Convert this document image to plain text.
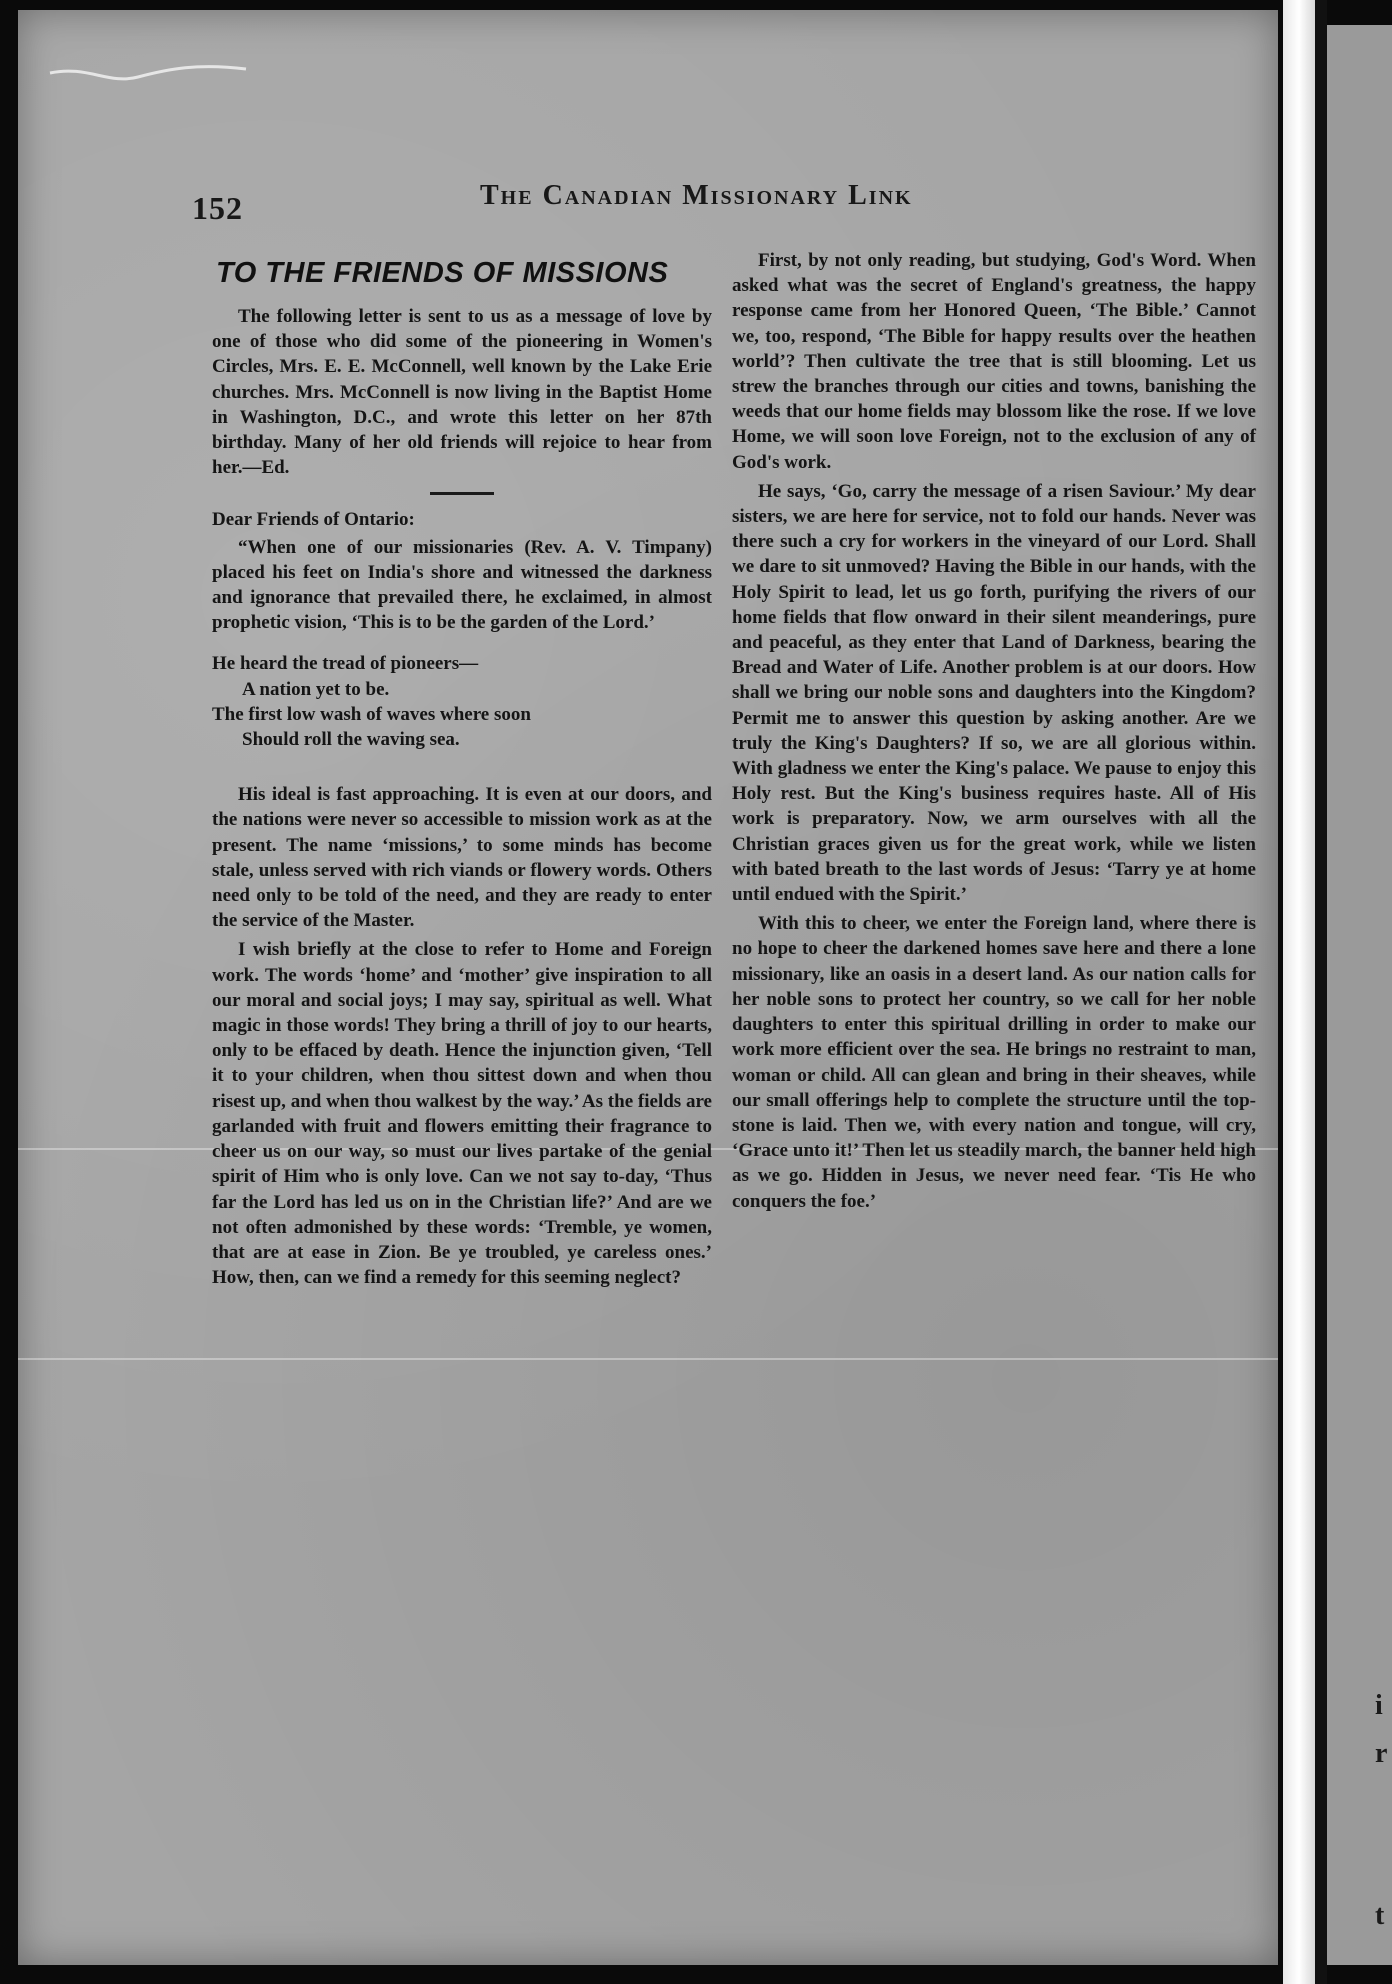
152	The Canadian Missionary Link
TO THE FRIENDS OF MISSIONS

The following letter is sent to us as a message of love by one of those who did some of the pioneering in Women's Circles, Mrs. E. E. McConnell, well known by the Lake Erie churches. Mrs. McConnell is now living in the Baptist Home in Washington, D.C., and wrote this letter on her 87th birthday. Many of her old friends will rejoice to hear from her.—Ed.

Dear Friends of Ontario:

“When one of our missionaries (Rev. A. V. Timpany) placed his feet on India's shore and witnessed the darkness and ignorance that prevailed there, he exclaimed, in almost prophetic vision, ‘This is to be the garden of the Lord.’

He heard the tread of pioneers—
A nation yet to be.
The first low wash of waves where soon
Should roll the waving sea.

His ideal is fast approaching. It is even at our doors, and the nations were never so accessible to mission work as at the present. The name ‘missions,’ to some minds has become stale, unless served with rich viands or flowery words. Others need only to be told of the need, and they are ready to enter the service of the Master.

I wish briefly at the close to refer to Home and Foreign work. The words ‘home’ and ‘mother’ give inspiration to all our moral and social joys; I may say, spiritual as well. What magic in those words! They bring a thrill of joy to our hearts, only to be effaced by death. Hence the injunction given, ‘Tell it to your children, when thou sittest down and when thou risest up, and when thou walkest by the way.’ As the fields are garlanded with fruit and flowers emitting their fragrance to cheer us on our way, so must our lives partake of the genial spirit of Him who is only love. Can we not say to-day, ‘Thus far the Lord has led us on in the Christian life?’ And are we not often admonished by these words: ‘Tremble, ye women, that are at ease in Zion. Be ye troubled, ye careless ones.’ How, then, can we find a remedy for this seeming neglect?

First, by not only reading, but studying, God's Word. When asked what was the secret of England's greatness, the happy response came from her Honored Queen, ‘The Bible.’ Cannot we, too, respond, ‘The Bible for happy results over the heathen world’? Then cultivate the tree that is still blooming. Let us strew the branches through our cities and towns, banishing the weeds that our home fields may blossom like the rose. If we love Home, we will soon love Foreign, not to the exclusion of any of God's work.

He says, ‘Go, carry the message of a risen Saviour.’ My dear sisters, we are here for service, not to fold our hands. Never was there such a cry for workers in the vineyard of our Lord. Shall we dare to sit unmoved? Having the Bible in our hands, with the Holy Spirit to lead, let us go forth, purifying the rivers of our home fields that flow onward in their silent meanderings, pure and peaceful, as they enter that Land of Darkness, bearing the Bread and Water of Life. Another problem is at our doors. How shall we bring our noble sons and daughters into the Kingdom? Permit me to answer this question by asking another. Are we truly the King's Daughters? If so, we are all glorious within. With gladness we enter the King's palace. We pause to enjoy this Holy rest. But the King's business requires haste. All of His work is preparatory. Now, we arm ourselves with all the Christian graces given us for the great work, while we listen with bated breath to the last words of Jesus: ‘Tarry ye at home until endued with the Spirit.’

With this to cheer, we enter the Foreign land, where there is no hope to cheer the darkened homes save here and there a lone missionary, like an oasis in a desert land. As our nation calls for her noble sons to protect her country, so we call for her noble daughters to enter this spiritual drilling in order to make our work more efficient over the sea. He brings no restraint to man, woman or child. All can glean and bring in their sheaves, while our small offerings help to complete the structure until the top-stone is laid. Then we, with every nation and tongue, will cry, ‘Grace unto it!’ Then let us steadily march, the banner held high as we go. Hidden in Jesus, we never need fear. ‘Tis He who conquers the foe.’

i
r
t
